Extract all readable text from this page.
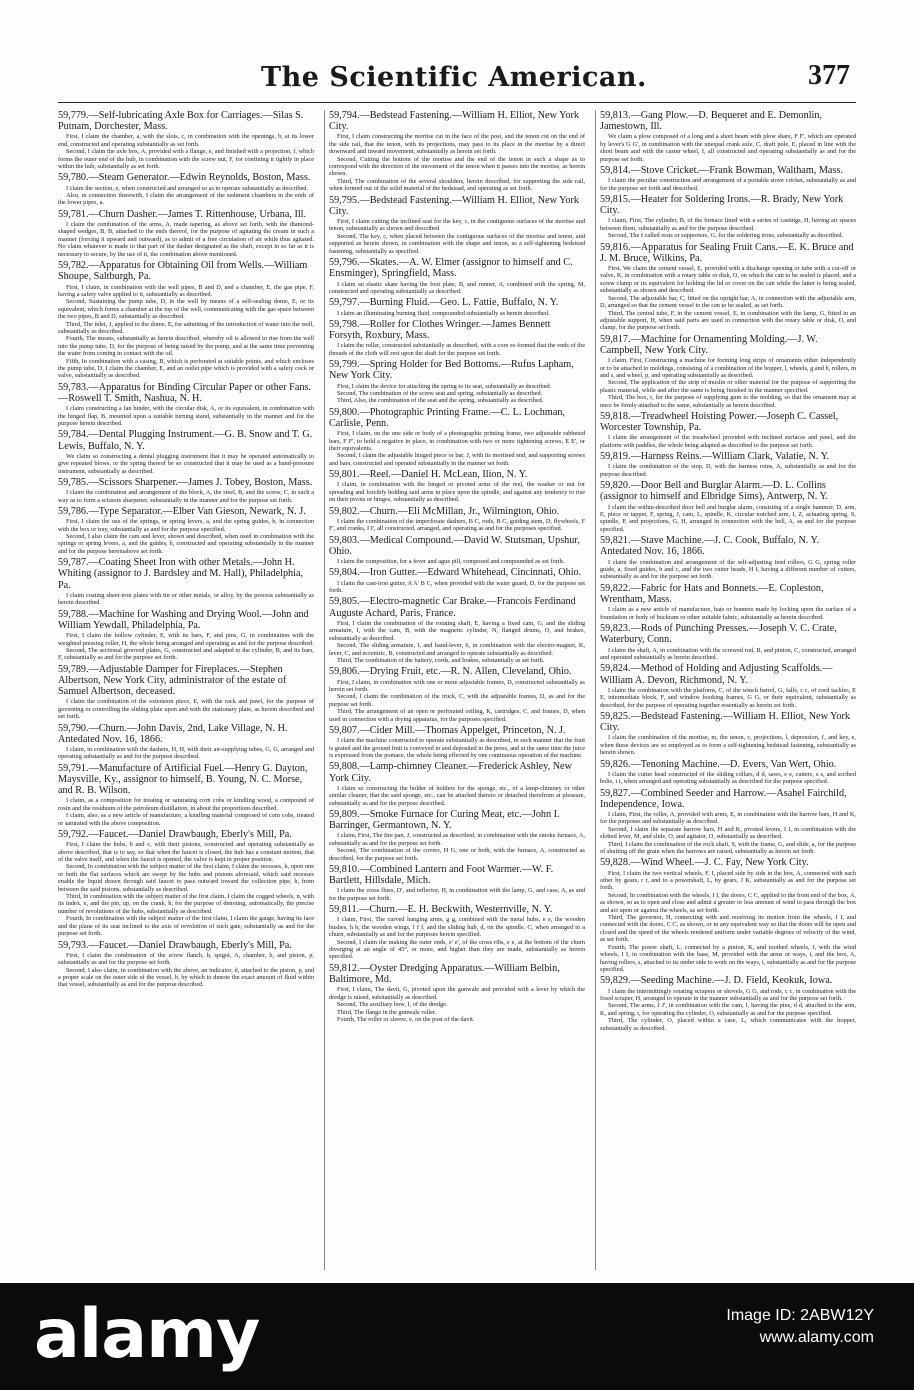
The Scientific American.	377
59,779.—Self-lubricating Axle Box for Carriages.—Silas S. Putnam, Dorchester, Mass.

First, I claim the chamber, a, with the slots, c, in combination with the openings, b, at its lower end, constructed and operating substantially as set forth.

Second, I claim the axle box, A, provided with a flange, e, and finished with a projection, f, which forms the outer end of the hub, in combination with the screw nut, F, for confining it tightly in place within the hub, substantially as set forth.

59,780.—Steam Generator.—Edwin Reynolds, Boston, Mass.

I claim the section, e, when constructed and arranged so as to operate substantially as described.

Also, in connection therewith, I claim the arrangement of the sediment chambers in the ends of the lower pipes, a.

59,781.—Churn Dasher.—James T. Rittenhouse, Urbana, Ill.

I claim the combination of the arms, A, made tapering, as above set forth, with the diamond-shaped wedges, B, B, attached to the ends thereof, for the purpose of agitating the cream in such a manner (forcing it upward and outward), as to admit of a free circulation of air while thus agitated. No claim whatever is made to that part of the dasher designated as the shaft, except in so far as it is necessary to secure, by the use of it, the combination above mentioned.

59,782.—Apparatus for Obtaining Oil from Wells.—William Shoupe, Saltburgh, Pa.

First, I claim, in combination with the well pipes, B and D, and a chamber, E, the gas pipe, F, having a safety valve applied to it, substantially as described.

Second, Sustaining the pump tube, D, in the well by means of a self-sealing dome, E, or its equivalent, which forms a chamber at the top of the well, communicating with the gas space between the two pipes, B and D, substantially as described.

Third, The inlet, J, applied to the dome, E, for admitting of the introduction of water into the well, substantially as described.

Fourth, The means, substantially as herein described, whereby oil is allowed to rise from the well into the pump tube, D, for the purpose of being raised by the pump, and at the same time preventing the water from coming in contact with the oil.

Fifth, In combination with a casing, B, which is perforated at suitable points, and which encloses the pump tube, D, I claim the chamber, E, and an outlet pipe which is provided with a safety cock or valve, substantially as described.

59,783.—Apparatus for Binding Circular Paper or other Fans.—Roswell T. Smith, Nashua, N. H.

I claim constructing a fan binder, with the circular disk, A, or its equivalent, in combination with the hinged flap, B, mounted upon a suitable turning stand, substantially in the manner and for the purpose herein described.

59,784.—Dental Plugging Instrument.—G. B. Snow and T. G. Lewis, Buffalo, N. Y.

We claim so constructing a dental plugging instrument that it may be operated automatically to give repeated blows, or the spring thereof be so constructed that it may be used as a hand-pressure instrument, substantially as described.

59,785.—Scissors Sharpener.—James J. Tobey, Boston, Mass.

I claim the combination and arrangement of the block, A, the steel, B, and the screw, C, in such a way as to form a scissors sharpener, substantially in the manner and for the purpose set forth.

59,786.—Type Separator.—Elber Van Gieson, Newark, N. J.

First, I claim the use of the springs, or spring levers, a, and the spring guides, b, in connection with the box or tray, substantially as and for the purpose specified.

Second, I also claim the cam and lever, shown and described, when used in combination with the springs or spring levers, a, and the guides, b, constructed and operating substantially in the manner and for the purpose hereinabove set forth.

59,787.—Coating Sheet Iron with other Metals.—John H. Whiting (assignor to J. Bardsley and M. Hall), Philadelphia, Pa.

I claim coating sheet-iron plates with tin or other metals, or alloy, by the process substantially as herein described.

59,788.—Machine for Washing and Drying Wool.—John and William Yewdall, Philadelphia, Pa.

First, I claim the hollow cylinder, E, with its bars, F, and pins, G, in combination with the weighted pressing roller, H, the whole being arranged and operating as and for the purpose described.

Second, The sectional grooved plates, G, constructed and adapted to the cylinder, B, and its bars, F, substantially as and for the purpose set forth.

59,789.—Adjustable Damper for Fireplaces.—Stephen Albertson, New York City, administrator of the estate of Samuel Albertson, deceased.

I claim the combination of the extension piece, E, with the rack and pawl, for the purpose of governing or controlling the sliding plate upon and with the stationary plate, as herein described and set forth.

59,790.—Churn.—John Davis, 2nd, Lake Village, N. H. Antedated Nov. 16, 1866.

I claim, in combination with the dashers, H, H, with their air-supplying tubes, G, G, arranged and operating substantially as and for the purpose described.

59,791.—Manufacture of Artificial Fuel.—Henry G. Dayton, Maysville, Ky., assignor to himself, B. Young, N. C. Morse, and R. B. Wilson.

I claim, as a composition for treating or saturating corn cobs or kindling wood, a compound of rosin and the residuum of the petroleum distillation, in about the proportions described.

I claim, also, as a new article of manufacture, a kindling material composed of corn cobs, treated or saturated with the above composition.

59,792.—Faucet.—Daniel Drawbaugh, Eberly's Mill, Pa.

First, I claim the hubs, b and c, with their pistons, constructed and operating substantially as above described, that is to say, so that when the faucet is closed, the hub has a constant motion, that of the valve itself, and when the faucet is opened, the valve is kept in proper position.

Second, In combination with the subject matter of the first claim, I claim the recesses, k, upon one or both the flat surfaces which are swept by the hubs and pistons aforesaid, which said recesses enable the liquid drawn through said faucet to pass outward toward the collection pipe, h, from between the said pistons, substantially as described.

Third, In combination with the subject matter of the first claim, I claim the cogged wheels, n, with its index, x, and the pin, up, on the crank, h, for the purpose of denoting, automatically, the precise number of revolutions of the hubs, substantially as described.

Fourth, In combination with the subject matter of the first claim, I claim the gauge, having its face and the plane of its seat inclined to the axis of revolution of such gate, substantially as and for the purpose set forth.

59,793.—Faucet.—Daniel Drawbaugh, Eberly's Mill, Pa.

First, I claim the combination of the screw flanch, b, spigot, A, chamber, b, and piston, p, substantially as and for the purpose set forth.

Second, I also claim, in combination with the above, an indicator, d, attached to the piston, p, and a proper scale on the outer side of the vessel, b, by which to denote the exact amount of fluid within that vessel, substantially as and for the purpose described.

59,794.—Bedstead Fastening.—William H. Elliot, New York City.

First, I claim constructing the mortise cut in the face of the post, and the tenon cut on the end of the side rail, that the tenon, with its projections, may pass to its place in the mortise by a direct downward and inward movement, substantially as herein set forth.

Second, Cutting the bottom of the mortise and the end of the tenon in such a shape as to correspond with the direction of the movement of the tenon when it passes into the mortise, as herein shown.

Third, The combination of the several shoulders, herein described, for supporting the side rail, when formed out of the solid material of the bedstead, and operating as set forth.

59,795.—Bedstead Fastening.—William H. Elliot, New York City.

First, I claim cutting the inclined seat for the key, c, in the contiguous surfaces of the mortise and tenon, substantially as shown and described.

Second, The key, c, when placed between the contiguous surfaces of the mortise and tenon, and supported as herein shown, in combination with the shape and tenon, as a self-tightening bedstead fastening, substantially as specified.

59,796.—Skates.—A. W. Elmer (assignor to himself and C. Ensminger), Springfield, Mass.

I claim an elastic skate having the foot plate, B, and runner, A, combined with the spring, M, constructed and operating substantially as described.

59,797.—Burning Fluid.—Geo. L. Fattie, Buffalo, N. Y.

I claim an illuminating burning fluid, compounded substantially as herein described.

59,798.—Roller for Clothes Wringer.—James Bennett Forsyth, Roxbury, Mass.

I claim the roller, constructed substantially as described, with a core so formed that the ends of the threads of the cloth will rest upon the shaft for the purpose set forth.

59,799.—Spring Holder for Bed Bottoms.—Rufus Lapham, New York City.

First, I claim the device for attaching the spring to its seat, substantially as described.

Second, The combination of the screw seat and spring, substantially as described.

Third, Also, the combination of the seat and the spring, substantially as described.

59,800.—Photographic Printing Frame.—C. L. Lochman, Carlisle, Penn.

First, I claim, on the one side or body of a photographic printing frame, two adjustable rabbeted bars, F F', to hold a negative in place, in combination with two or more tightening screws, E E', or their equivalents.

Second, I claim the adjustable hinged piece or bar, J, with its mortised end, and supporting screws and bars, constructed and operated substantially in the manner set forth.

59,801.—Reel.—Daniel H. McLean, Ilion, N. Y.

I claim, in combination with the hinged or pivoted arms of the reel, the washer or nut for spreading and forcibly holding said arms in place upon the spindle, and against any tendency to rise on their pivots or hinges, substantially as described.

59,802.—Churn.—Eli McMillan, Jr., Wilmington, Ohio.

I claim the combination of the imperforate dashers, B C, rods, B C, guiding stem, D, flywheels, F F', and cranks, I I', all constructed, arranged, and operating as and for the purposes specified.

59,803.—Medical Compound.—David W. Stutsman, Upshur, Ohio.

I claim the composition, for a fever and ague pill, composed and compounded as set forth.

59,804.—Iron Gutter.—Edward Whitehead, Cincinnati, Ohio.

I claim the cast-iron gutter, A A' B C, when provided with the water guard, D, for the purpose set forth.

59,805.—Electro-magnetic Car Brake.—Francois Ferdinand Auguste Achard, Paris, France.

First, I claim the combination of the rotating shaft, E, having a fixed cam, G, and the sliding armature, I, with the cam, B, with the magnetic cylinder, N, flanged drums, O, and brakes, substantially as described.

Second, The sliding armature, I, and hand-lever, 6, in combination with the electro-magnet, K, lever, C, and eccentric, B, constructed and arranged to operate substantially as described.

Third, The combination of the battery, cords, and brakes, substantially as set forth.

59,806.—Drying Fruit, etc.—R. N. Allen, Cleveland, Ohio.

First, I claim, in combination with one or more adjustable frames, D, constructed substantially as herein set forth.

Second, I claim the combination of the truck, C, with the adjustable frames, D, as and for the purpose set forth.

Third, The arrangement of an open or perforated ceiling, K, cartridges, C, and frames, D, when used in connection with a drying apparatus, for the purposes specified.

59,807.—Cider Mill.—Thomas Appelget, Princeton, N. J.

I claim the machine constructed to operate substantially as described, in such manner that the fruit is grated and the ground fruit is conveyed to and deposited in the press, and at the same time the juice is expressed from the pomace, the whole being effected by one continuous operation of the machine.

59,808.—Lamp-chimney Cleaner.—Frederick Ashley, New York City.

I claim so constructing the holder of holders for the sponge, etc., of a lamp-chimney or other similar cleaner, that the said sponge, etc., can be attached thereto or detached therefrom at pleasure, substantially as and for the purpose described.

59,809.—Smoke Furnace for Curing Meat, etc.—John I. Barringer, Germantown, N. Y.

I claim, First, The fire pan, J, constructed as described, in combination with the smoke furnace, A, substantially as and for the purpose set forth.

Second, The combination of the covers, H G, one or both, with the furnace, A, constructed as described, for the purpose set forth.

59,810.—Combined Lantern and Foot Warmer.—W. F. Bartlett, Hillsdale, Mich.

I claim the cross flues, D', and reflector, H, in combination with the lamp, G, and case, A, as and for the purpose set forth.

59,811.—Churn.—E. H. Beckwith, Westernville, N. Y.

I claim, First, The curved hanging arms, g g, combined with the metal hubs, e e, the wooden bushes, h h, the wooden wings, f f f, and the sliding hub, d, on the spindle, C, when arranged in a churn, substantially as and for the purposes herein specified.

Second, I claim the making the outer ends, e' e', of the cross ribs, e e, at the bottom of the churn diverging at an angle of 45°, or more, and higher than they are made, substantially as herein specified.

59,812.—Oyster Dredging Apparatus.—William Belbin, Baltimore, Md.

First, I claim, The davit, G, pivoted upon the gunwale and provided with a lever by which the dredge is raised, substantially as described.

Second, The auxiliary bow, I, of the dredge.

Third, The flange in the gunwale roller.

Fourth, The roller or sleeve, e, on the post of the davit.

59,813.—Gang Plow.—D. Bequeret and E. Demonlin, Jamestown, Ill.

We claim a plow composed of a long and a short beam with plow share, F F', which are operated by lever's G G', in combination with the unequal crank axle, C, draft pole, E, placed in line with the short beam and with the caster wheel, I, all constructed and operating substantially as and for the purpose set forth.

59,814.—Stove Cricket.—Frank Bowman, Waltham, Mass.

I claim the peculiar construction and arrangement of a portable stove cricket, substantially as and for the purpose set forth and described.

59,815.—Heater for Soldering Irons.—R. Brady, New York City.

I claim, First, The cylinder, B, of the furnace lined with a series of castings, H, having air spaces between them, substantially as and for the purpose described.

Second, The I called rests or supporters, G, for the soldering irons, substantially as described.

59,816.—Apparatus for Sealing Fruit Cans.—E. K. Bruce and J. M. Bruce, Wilkins, Pa.

First, We claim the cement vessel, E, provided with a discharge opening or tube with a cut-off or valve, K, in combination with a rotary table or disk, O, on which the can to be sealed is placed, and a screw clamp or its equivalent for holding the lid or cover on the can while the latter is being sealed, substantially as shown and described.

Second, The adjustable bar, C, fitted on the upright bar, A, in connection with the adjustable arm, D, arranged so that the cement vessel to the can to be sealed, as set forth.

Third, The central tube, F, in the cement vessel, E, in combination with the lamp, G, fitted in an adjustable support, H, when said parts are used in connection with the rotary table or disk, O, and clamp, for the purpose set forth.

59,817.—Machine for Ornamenting Molding.—J. W. Campbell, New York City.

I claim, First, Constructing a machine for forming long strips of ornaments either independently or to be attached to moldings, consisting of a combination of the hopper, l, wheels, g and h, rollers, m and s, and wheel, p, and operating substantially as described.

Second, The application of the strip of muslin or other material for the purpose of supporting the plastic material, while and after the same is being finished in the manner specified.

Third, The box, r, for the purpose of supplying gum to the molding, so that the ornament may at once be firmly attached to the same, substantially as herein described.

59,818.—Treadwheel Hoisting Power.—Joseph C. Cassel, Worcester Township, Pa.

I claim the arrangement of the treadwheel provided with inclined surfaces and pawl, and the platform with paddles, the whole being adapted as described to the purpose set forth.

59,819.—Harness Reins.—William Clark, Valatie, N. Y.

I claim the combination of the stop, D, with the harness reins, A, substantially as and for the purpose described.

59,820.—Door Bell and Burglar Alarm.—D. L. Collins (assignor to himself and Elbridge Sims), Antwerp, N. Y.

I claim the within-described door bell and burglar alarm, consisting of a single hammer, D, arm, E, piece or tappet, F, spring, J, cam, L, spindle, K, circular notched arm, I, Z, actuating spring, S, spindle, P, and projections, G, H, arranged in connection with the bell, A, as and for the purpose specified.

59,821.—Stave Machine.—J. C. Cook, Buffalo, N. Y. Antedated Nov. 16, 1866.

I claim the combination and arrangement of the self-adjusting feed rollers, G G, spring roller guide, a, fixed guides, b and c, and the two cutter heads, H I, having a different number of cutters, substantially as and for the purpose set forth.

59,822.—Fabric for Hats and Bonnets.—E. Copleston, Wrentham, Mass.

I claim as a new article of manufacture, hats or bonnets made by locking upon the surface of a foundation or body of buckram or other suitable fabric, substantially as herein described.

59,823.—Rods of Punching Presses.—Joseph V. C. Crate, Waterbury, Conn.

I claim the shaft, A, in combination with the screwed rod, B, and pinion, C, constructed, arranged and operated substantially as herein described.

59,824.—Method of Holding and Adjusting Scaffolds.—William A. Devon, Richmond, N. Y.

I claim the combination with the platform, C, of the winch barrel, G, falls, c c, of cord tackles, E E, intermediate block, F, and window hooking frames, G G, or their equivalent, substantially as described, for the purpose of operating together essentially as herein set forth.

59,825.—Bedstead Fastening.—William H. Elliot, New York City.

I claim the combination of the mortise, m, the tenon, c, projections, l, depression, i', and key, e, when these devices are so employed as to form a self-tightening bedstead fastening, substantially as herein shown.

59,826.—Tenoning Machine.—D. Evers, Van Wert, Ohio.

I claim the cutter head constructed of the sliding collars, d d, saws, e e, cutters, s s, and scribed bolts, i i, when arranged and operating substantially as described for the purpose specified.

59,827.—Combined Seeder and Harrow.—Asahel Fairchild, Independence, Iowa.

I claim, First, the roller, A, provided with arms, E, in combination with the harrow bars, H and K, for the purposes and substantially as described.

Second, I claim the separate harrow bars, H and K, pivoted levers, I I, in combination with the slotted lever, M, and slide, O, and agitator, O, substantially as described.

Third, I claim the combination of the rock shaft, S, with the frame, G, and slide, a, for the purpose of shutting off the grain when the harrows are raised, substantially as herein set forth.

59,828.—Wind Wheel.—J. C. Fay, New York City.

First, I claim the two vertical wheels, F, I, placed side by side in the box, A, connected with each other by gears, r r, and to a powershaft, L, by gears, J K, substantially as and for the purpose set forth.

Second, In combination with the wheels, I I, the doors, C C, applied to the front end of the box, A, as shown, so as to open and close and admit a greater or less amount of wind to pass through the box and act upon or against the wheels, as set forth.

Third, The governor, H, connecting with and receiving its motion from the wheels, I I, and connected with the doors, C C, as shown, or in any equivalent way so that the doors will be open and closed and the speed of the wheels rendered uniform under variable degrees of velocity of the wind, as set forth.

Fourth, The power shaft, L, connected by a pinion, K, and toothed wheels, J, with the wind wheels, I I, in combination with the base, M, provided with the arms or ways, t, and the box, A, having rollers, s, attached to its under side to work on the ways, t, substantially as and for the purpose specified.

59,829.—Seeding Machine.—J. D. Field, Keokuk, Iowa.

I claim the intermittingly rotating scrapers or shovels, G G, and rods, c c, in combination with the fixed scraper, H, arranged to operate in the manner substantially as and for the purpose set forth.

Second, The arms, J J', in combination with the cam, I, having the pins, d d, attached to the arm, K, and spring, t, for operating the cylinder, O, substantially as and for the purpose specified.

Third, The cylinder, O, placed within a case, L, which communicates with the hopper, substantially as described.

alamy	Image ID: 2ABW12Y
www.alamy.com
